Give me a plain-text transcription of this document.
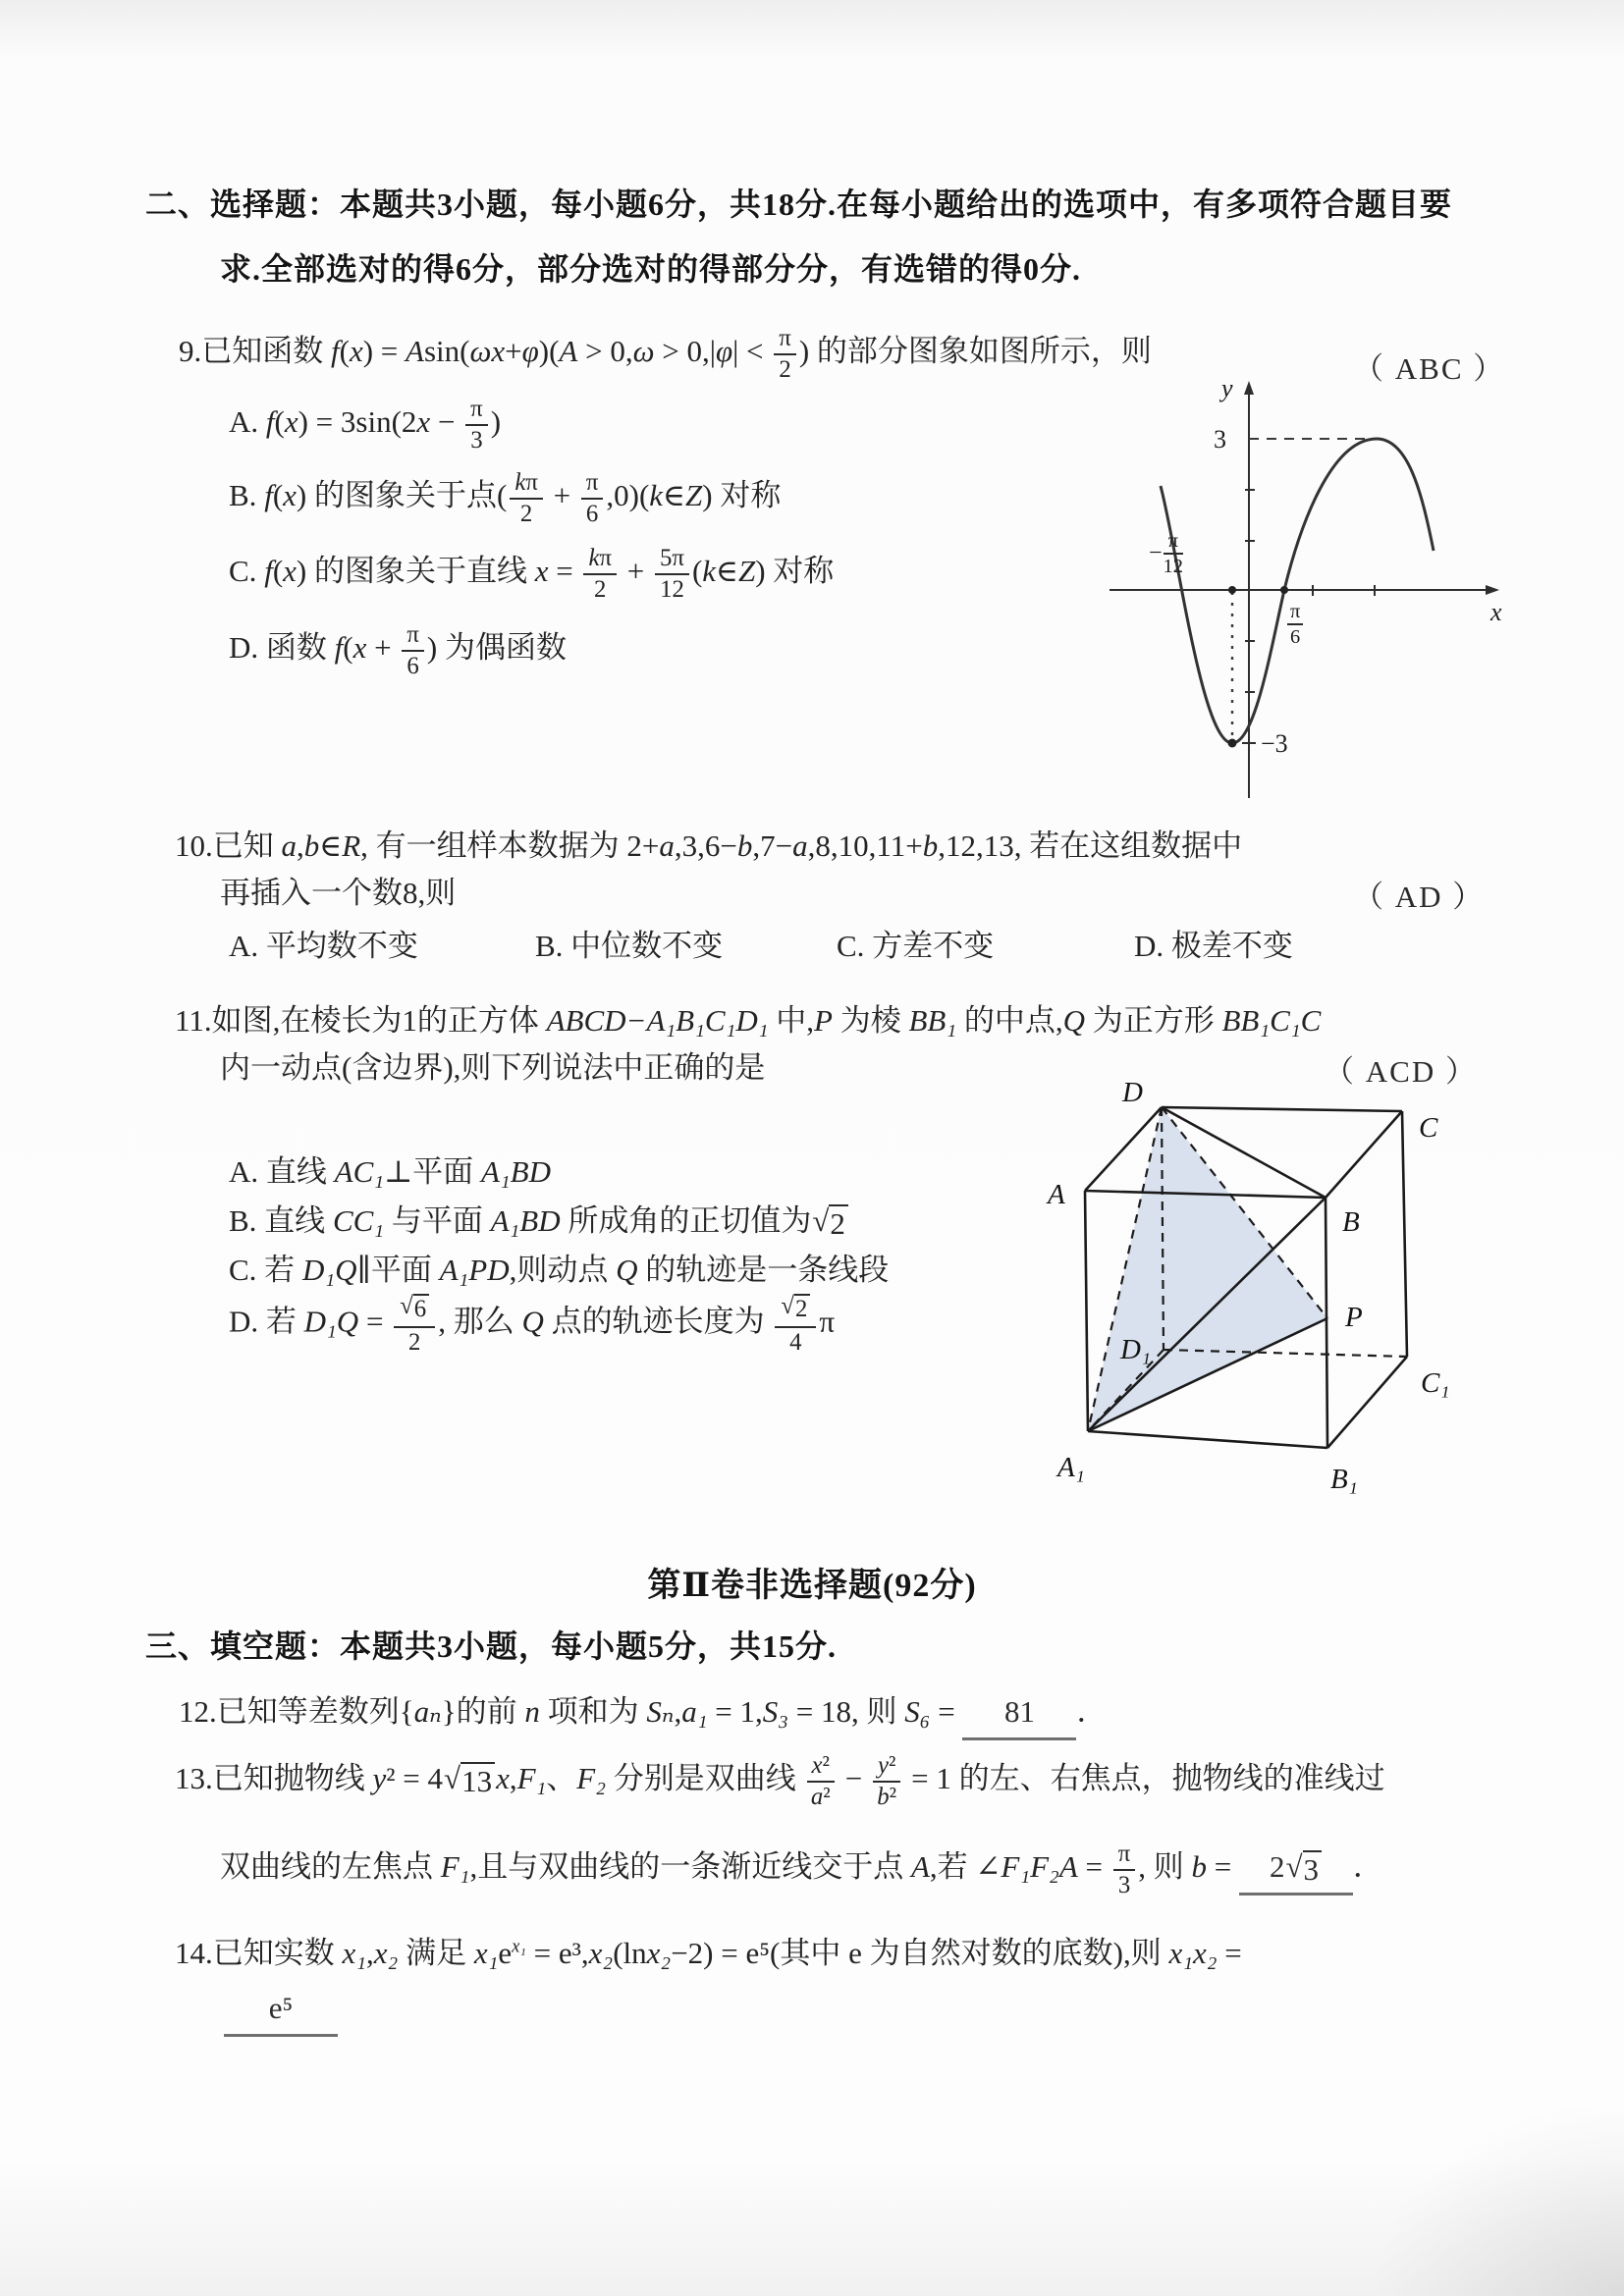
二、选择题：本题共3小题，每小题6分，共18分.在每小题给出的选项中，有多项符合题目要
求.全部选对的得6分，部分选对的得部分分，有选错的得0分.
9.已知函数 $f(x) = Asin(\omega x+\varphi)(A > 0,\omega > 0,|\varphi| < \frac{\pi}{2}$ ) 的部分图象如图所示，则
（ ABC ）
A. $f(x) = 3\sin(2x - \frac{\pi}{3}$ )
B. f(x) 的图象关于点( $\frac{k\pi}{2} + \frac{\pi}{6}$ ,0)(k∈Z) 对称
C. f(x) 的图象关于直线 $x = \frac{k\pi}{2} + \frac{5\pi}{12}$ (k∈Z) 对称
D. 函数 $f(x + \frac{\pi}{6}$ ) 为偶函数
y
3
−3
− $\frac{\pi}{12}$
$\frac{\pi}{6}$	x
10.已知 a,b∈R, 有一组样本数据为 2+a,3,6−b,7−a,8,10,11+b,12,13, 若在这组数据中
再插入一个数8,则	（ AD ）
A. 平均数不变	B. 中位数不变	C. 方差不变	D. 极差不变
11.如图,在棱长为1的正方体 ABCD−A₁B₁C₁D₁ 中,P 为棱 BB₁ 的中点,Q 为正方形 BB₁C₁C
内一动点(含边界),则下列说法中正确的是	（ ACD ）
A. 直线 AC₁⊥平面 A₁BD
B. 直线 CC₁ 与平面 A₁BD 所成角的正切值为 √ 2
C. 若 D₁Q∥平面 A₁PD,则动点 Q 的轨迹是一条线段
D. 若 $D_1Q = \frac{√ 6}{2}$ , 那么 Q 点的轨迹长度为 $\frac{√ 2}{4}$ π
D
C
A
B
P
D₁
C₁
A₁	B₁
第Ⅱ卷非选择题(92分)
三、填空题：本题共3小题，每小题5分，共15分.
12.已知等差数列{aₙ}的前 n 项和为 Sₙ,a₁ = 1,S₃ = 18, 则 S₆ = 81 ．
13.已知抛物线 y² = 4 √ 13 x,F₁、F₂ 分别是双曲线 $\frac{\text{x²}}{\text{a²}} - \frac{\text{y²}}{\text{b²}} = 1$ 的左、右焦点，抛物线的准线过
双曲线的左焦点 F₁,且与双曲线的一条渐近线交于点 A,若 ∠F₁F₂A = $\frac{\pi}{3}$ , 则 b = 2 √ 3 ．
14.已知实数 x₁,x₂ 满足 $x_1e^{x_1} = e^3,x_2(\ln x_2-2) = e^5$(其中 e 为自然对数的底数),则 x₁x₂ =
e⁵
